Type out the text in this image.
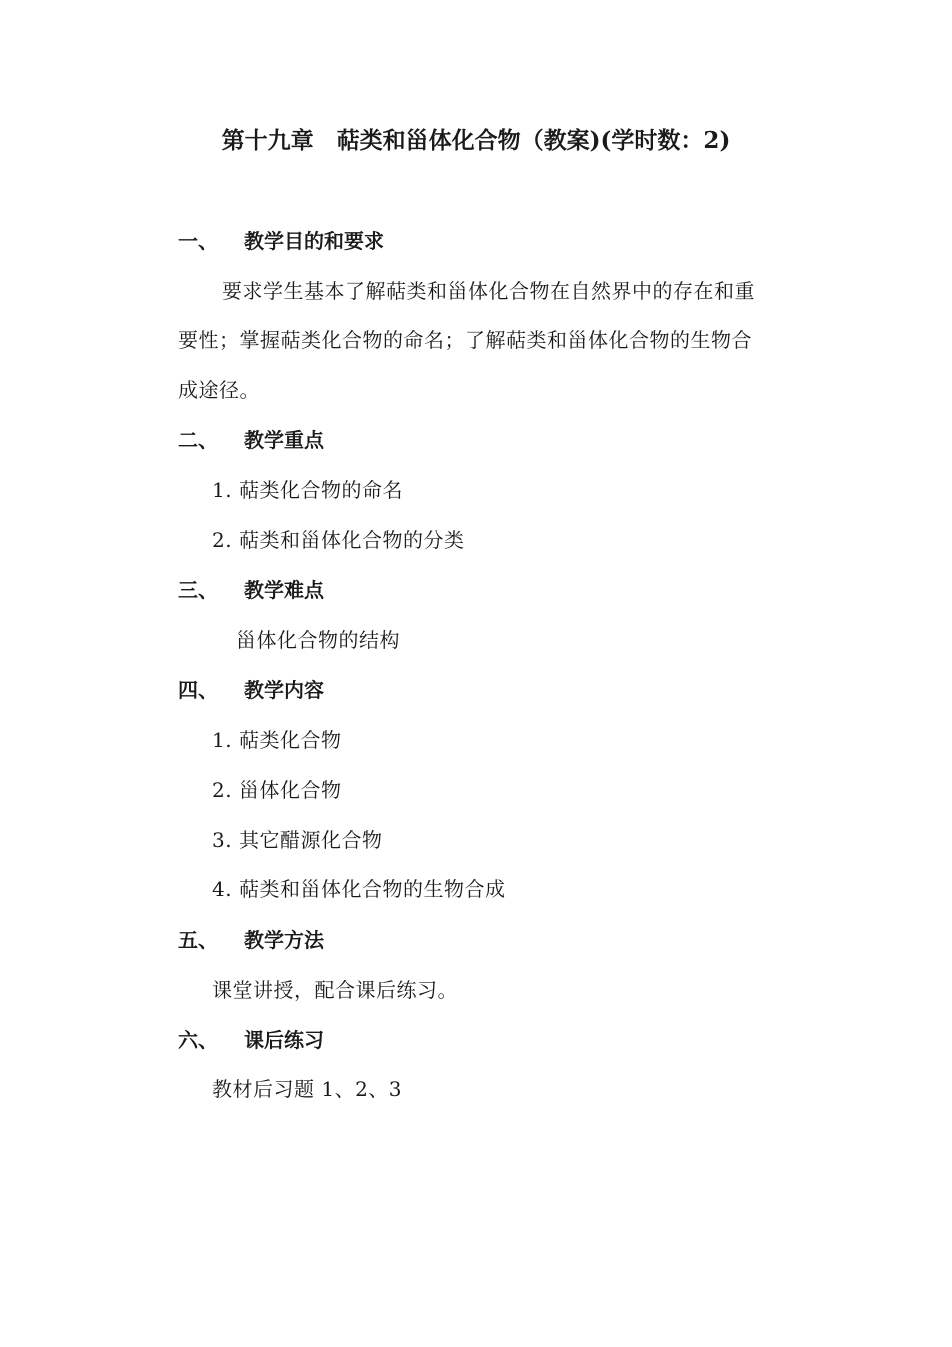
第十九章　萜类和甾体化合物（教案)(学时数：2)
一、 教学目的和要求
要求学生基本了解萜类和甾体化合物在自然界中的存在和重
要性；掌握萜类化合物的命名；了解萜类和甾体化合物的生物合
成途径。
二、 教学重点
1. 萜类化合物的命名
2. 萜类和甾体化合物的分类
三、 教学难点
甾体化合物的结构
四、 教学内容
1. 萜类化合物
2. 甾体化合物
3. 其它醋源化合物
4. 萜类和甾体化合物的生物合成
五、 教学方法
课堂讲授，配合课后练习。
六、 课后练习
教材后习题 1、2、3
